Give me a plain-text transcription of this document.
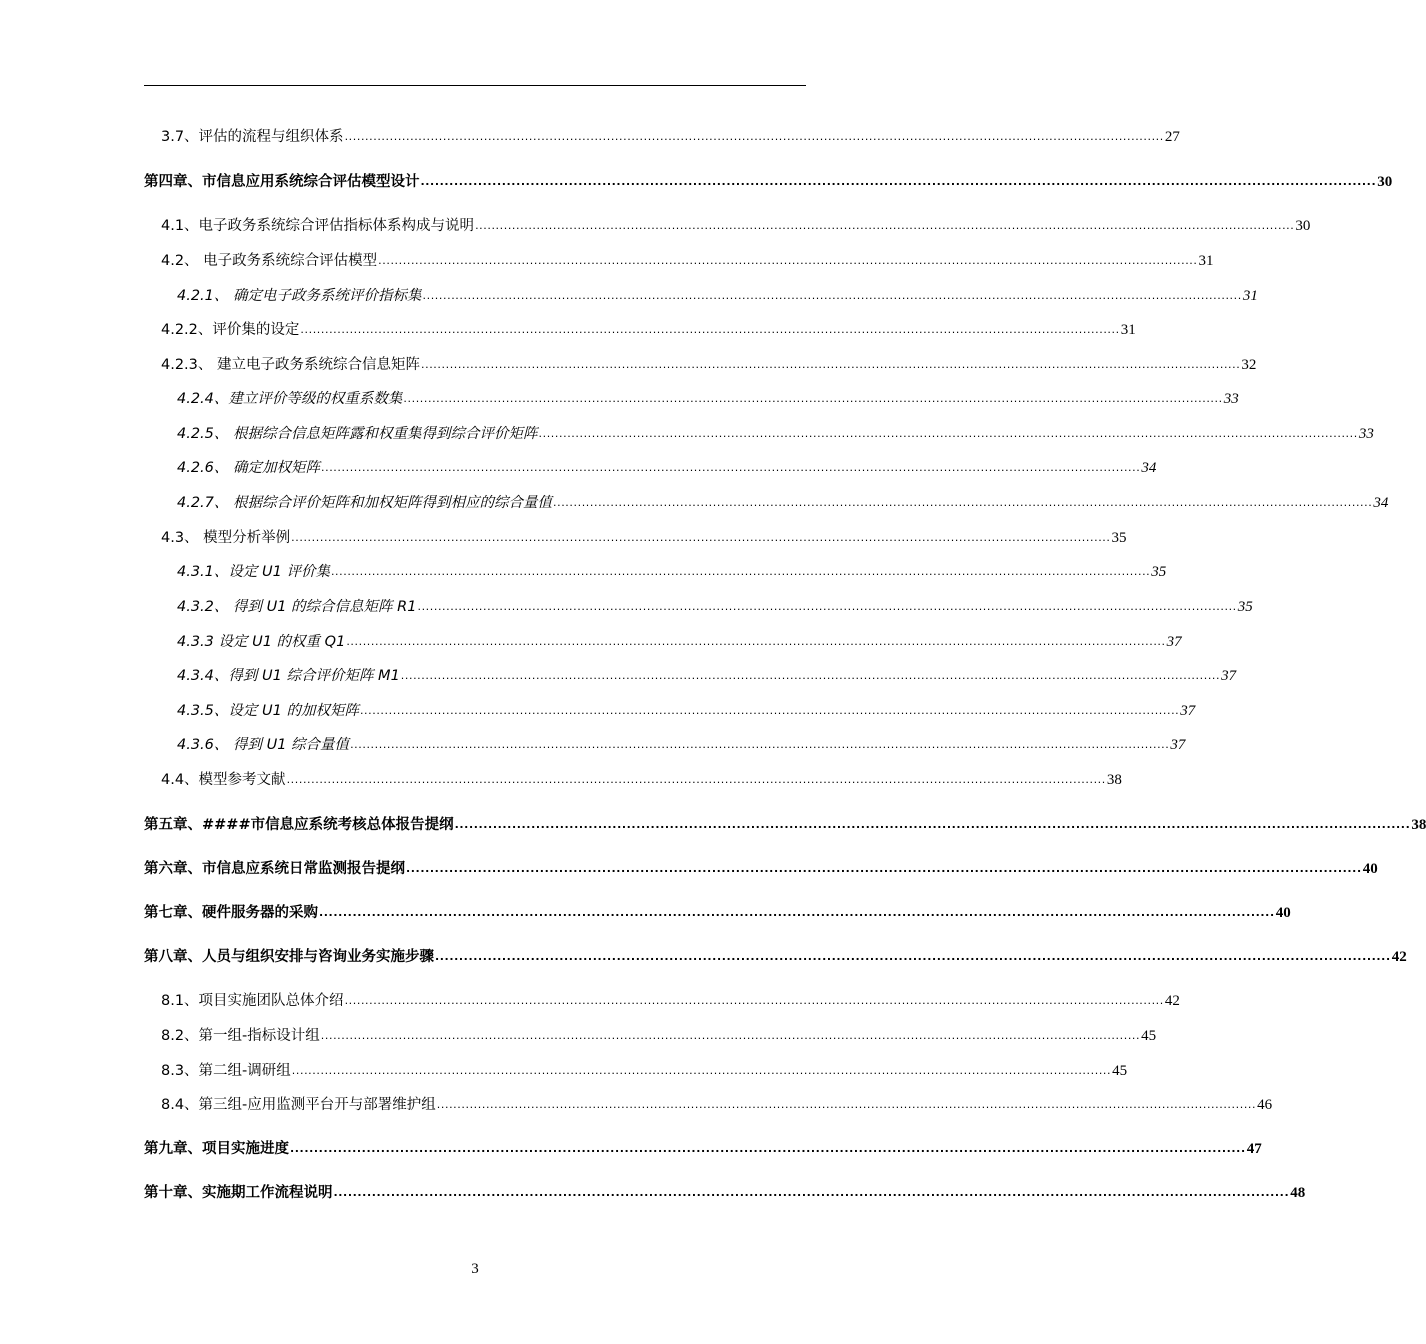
3.7、评估的流程与组织体系 ........................................................................................................................................................................................................ 27
第四章、市信息应用系统综合评估模型设计 ........................................................................................................................................................................................................ 30
4.1、电子政务系统综合评估指标体系构成与说明 ........................................................................................................................................................................................................ 30
4.2、 电子政务系统综合评估模型 ........................................................................................................................................................................................................ 31
4.2.1、 确定电子政务系统评价指标集 ........................................................................................................................................................................................................ 31
4.2.2、评价集的设定 ........................................................................................................................................................................................................ 31
4.2.3、 建立电子政务系统综合信息矩阵 ........................................................................................................................................................................................................ 32
4.2.4、建立评价等级的权重系数集 ........................................................................................................................................................................................................ 33
4.2.5、 根据综合信息矩阵露和权重集得到综合评价矩阵 ........................................................................................................................................................................................................ 33
4.2.6、 确定加权矩阵 ........................................................................................................................................................................................................ 34
4.2.7、 根据综合评价矩阵和加权矩阵得到相应的综合量值 ........................................................................................................................................................................................................ 34
4.3、 模型分析举例 ........................................................................................................................................................................................................ 35
4.3.1、设定 U1 评价集 ........................................................................................................................................................................................................ 35
4.3.2、 得到 U1 的综合信息矩阵 R1 ........................................................................................................................................................................................................ 35
4.3.3 设定 U1 的权重 Q1 ........................................................................................................................................................................................................ 37
4.3.4、得到 U1 综合评价矩阵 M1 ........................................................................................................................................................................................................ 37
4.3.5、设定 U1 的加权矩阵 ........................................................................................................................................................................................................ 37
4.3.6、 得到 U1 综合量值 ........................................................................................................................................................................................................ 37
4.4、模型参考文献 ........................................................................................................................................................................................................ 38
第五章、####市信息应系统考核总体报告提纲 ........................................................................................................................................................................................................ 38
第六章、市信息应系统日常监测报告提纲 ........................................................................................................................................................................................................ 40
第七章、硬件服务器的采购 ........................................................................................................................................................................................................ 40
第八章、人员与组织安排与咨询业务实施步骤 ........................................................................................................................................................................................................ 42
8.1、项目实施团队总体介绍 ........................................................................................................................................................................................................ 42
8.2、第一组-指标设计组 ........................................................................................................................................................................................................ 45
8.3、第二组-调研组 ........................................................................................................................................................................................................ 45
8.4、第三组-应用监测平台开与部署维护组 ........................................................................................................................................................................................................ 46
第九章、项目实施进度 ........................................................................................................................................................................................................ 47
第十章、实施期工作流程说明 ........................................................................................................................................................................................................ 48
3
